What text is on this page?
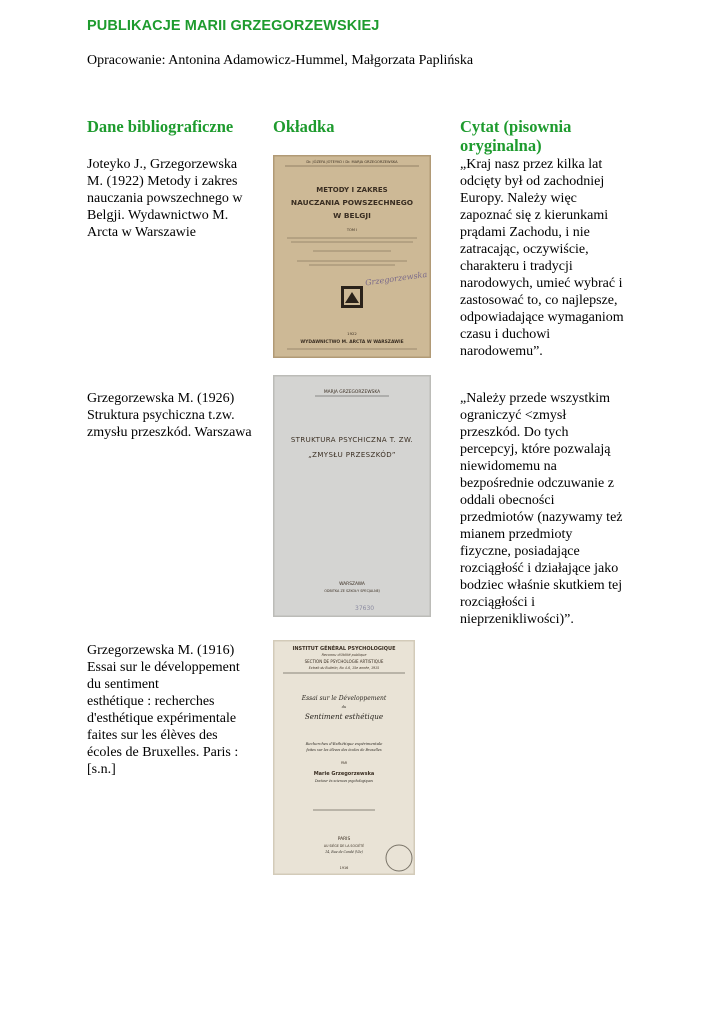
PUBLIKACJE MARII GRZEGORZEWSKIEJ
Opracowanie: Antonina Adamowicz-Hummel, Małgorzata Paplińska
Dane bibliograficzne	Okładka	Cytat (pisownia oryginalna)
Joteyko J., Grzegorzewska
M. (1922) Metody i zakres
nauczania powszechnego w
Belgji. Wydawnictwo M.
Arcta w Warszawie
Dr. JÓZEFA JOTEYKO i Dr. MARJA GRZEGORZEWSKA
METODY I ZAKRES
NAUCZANIA POWSZECHNEGO
W BELGJI
TOM I
Grzegorzewska
1922
WYDAWNICTWO M. ARCTA W WARSZAWIE
„Kraj nasz przez kilka lat
odcięty był od zachodniej
Europy. Należy więc
zapoznać się z kierunkami
prądami Zachodu, i nie
zatracając, oczywiście,
charakteru i tradycji
narodowych, umieć wybrać i
zastosować to, co najlepsze,
odpowiadające wymaganiom
czasu i duchowi
narodowemu”.
Grzegorzewska M. (1926)
Struktura psychiczna t.zw.
zmysłu przeszkód. Warszawa
MARJA GRZEGORZEWSKA
STRUKTURA PSYCHICZNA T. ZW.
„ZMYSŁU PRZESZKÓD”
WARSZAWA
ODBITKA ZE SZKOŁY SPECJALNEJ
37630
„Należy przede wszystkim
ograniczyć <zmysł
przeszkód. Do tych
percepcyj, które pozwalają
niewidomemu na
bezpośrednie odczuwanie z
oddali obecności
przedmiotów (nazywamy też
mianem przedmioty
fizyczne, posiadające
rozciągłość i działające jako
bodziec właśnie skutkiem tej
rozciągłości i
nieprzenikliwości)”.
Grzegorzewska M. (1916)
Essai sur le développement
du sentiment
esthétique : recherches
d'esthétique expérimentale
faites sur les élèves des
écoles de Bruxelles. Paris :
[s.n.]
INSTITUT GÉNÉRAL PSYCHOLOGIQUE
Reconnu d'Utilité publique
SECTION DE PSYCHOLOGIE ARTISTIQUE
Extrait du Bulletin, No 4-6, 15e année, 1915
Essai sur le Développement
du
Sentiment esthétique
Recherches d'Esthétique expérimentale
faites sur les élèves des écoles de Bruxelles
PAR
Marie Grzegorzewska
Docteur ès sciences psychologiques
PARIS
AU SIÈGE DE LA SOCIÉTÉ
14, Rue de Condé (VIe)
1916
